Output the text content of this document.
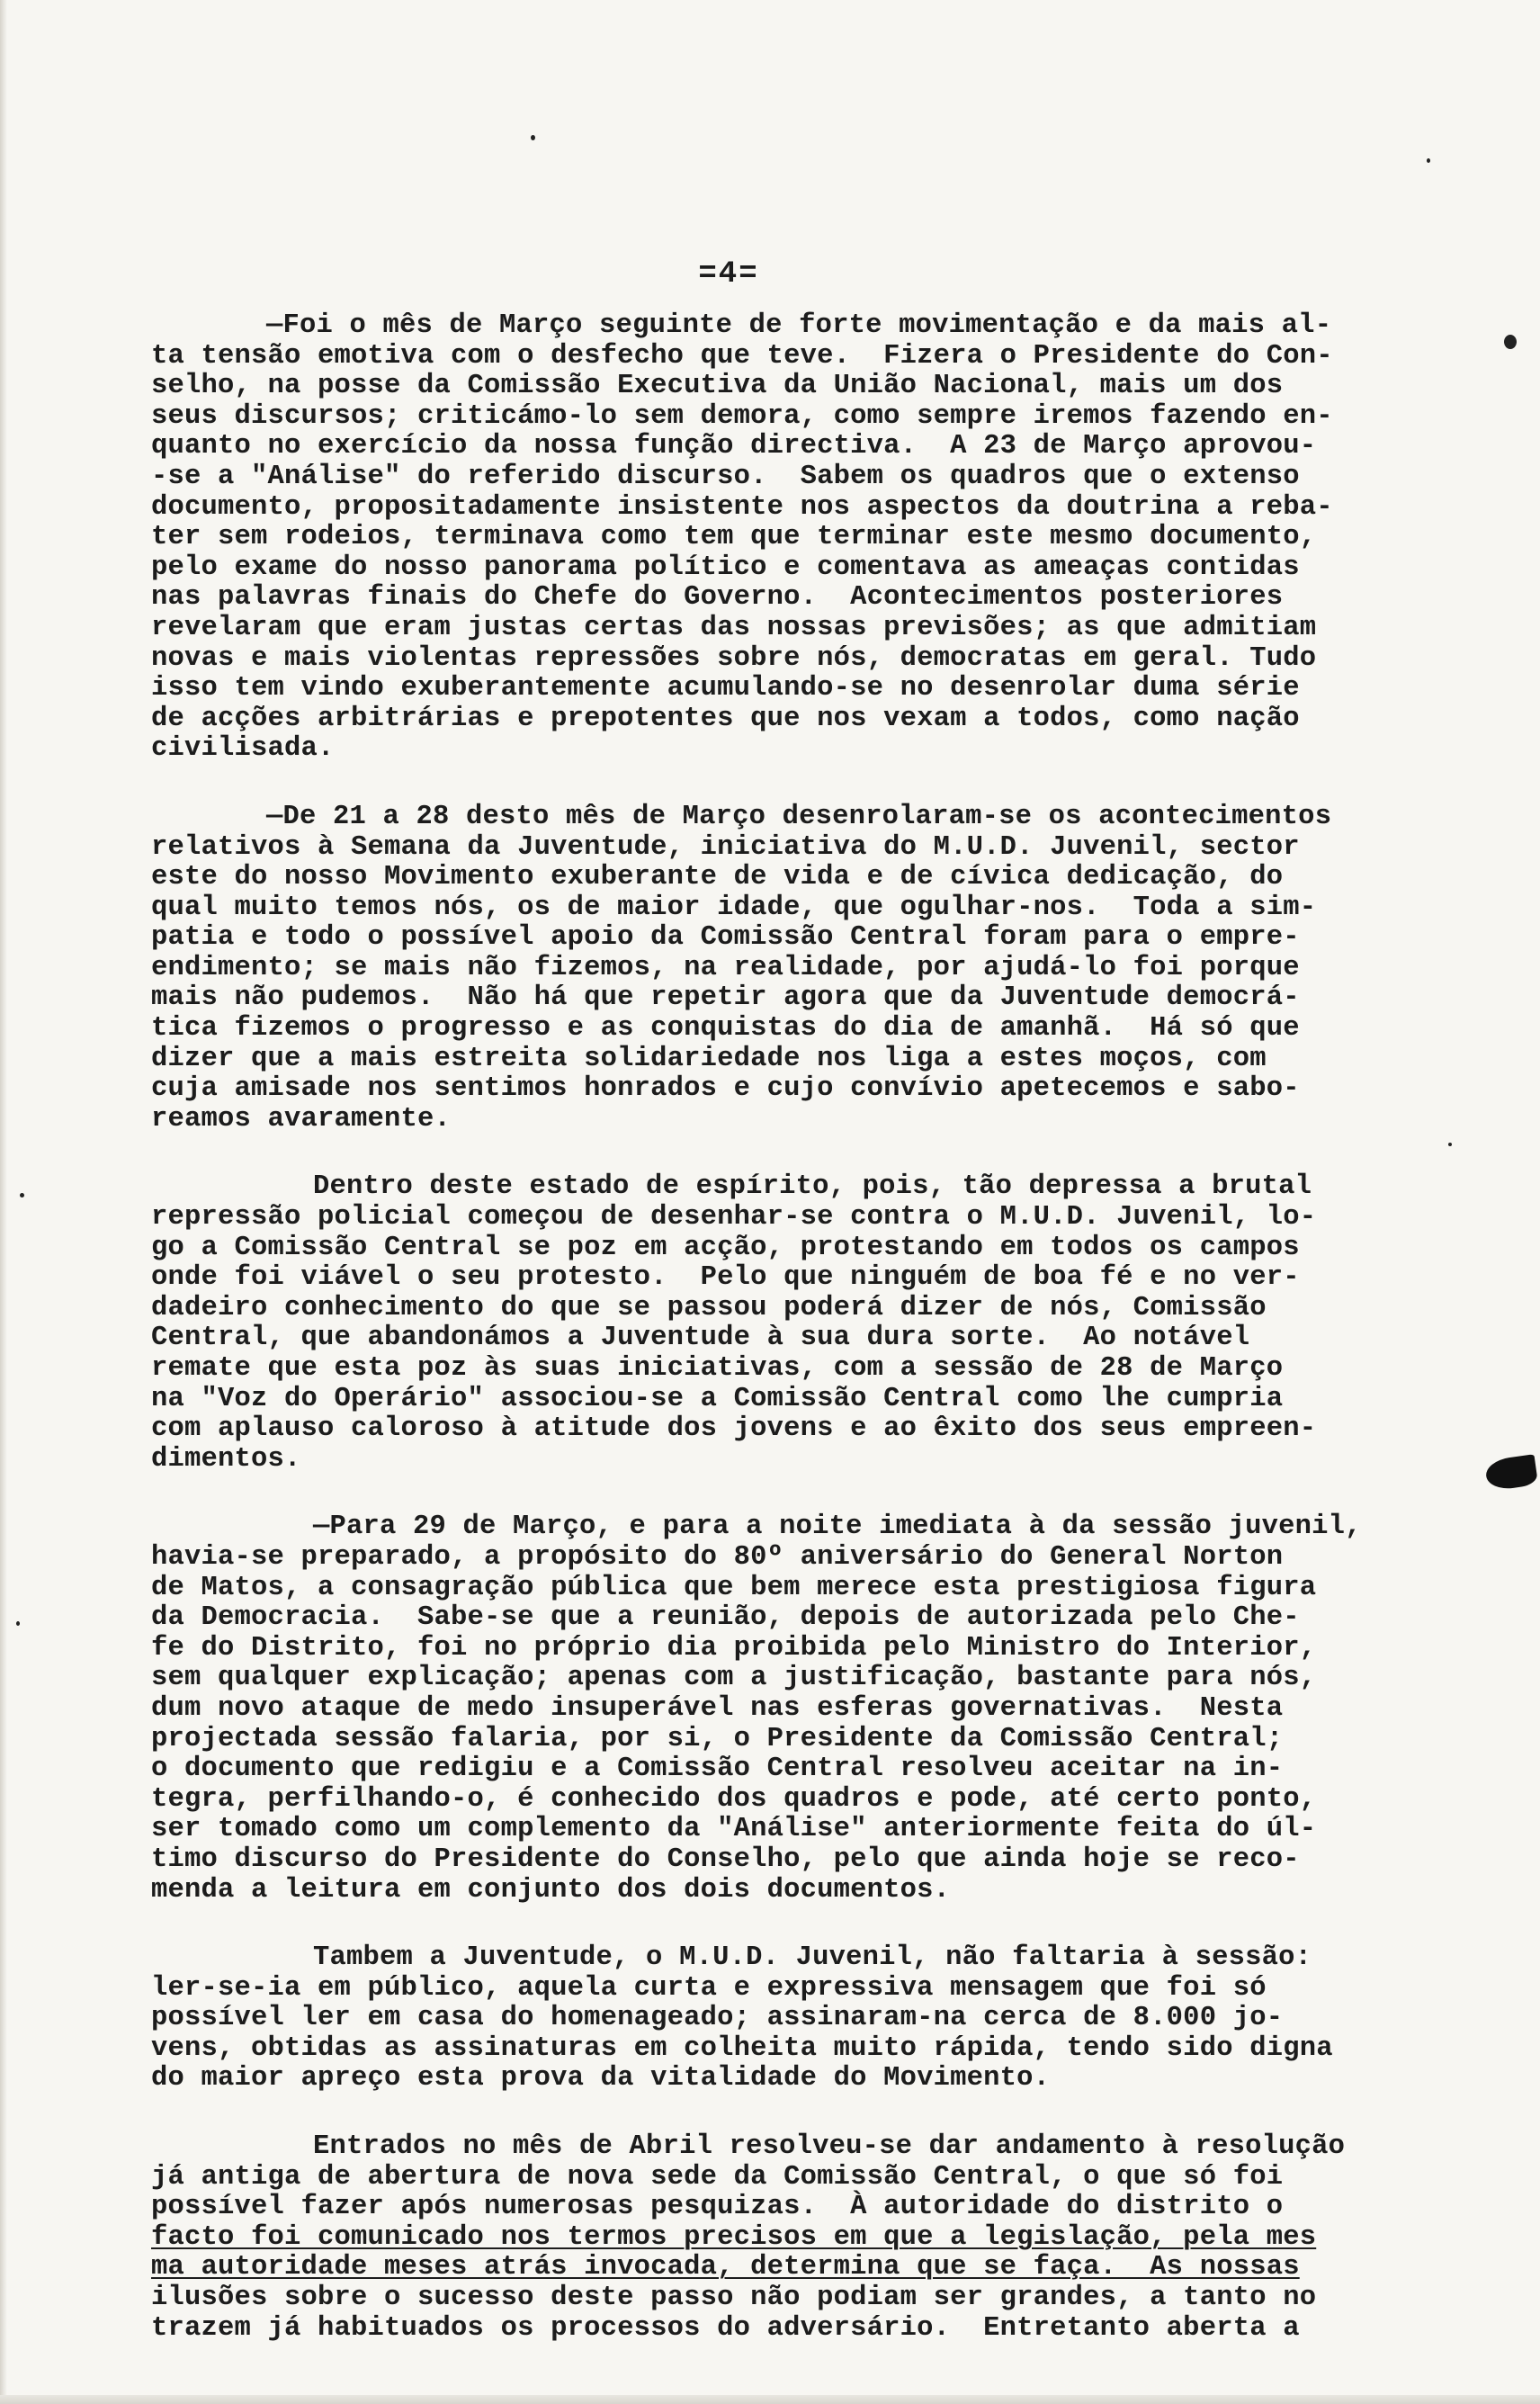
=4=
—Foi o mês de Março seguinte de forte movimentação e da mais al-
ta tensão emotiva com o desfecho que teve.  Fizera o Presidente do Con-
selho, na posse da Comissão Executiva da União Nacional, mais um dos
seus discursos; criticámo-lo sem demora, como sempre iremos fazendo en-
quanto no exercício da nossa função directiva.  A 23 de Março aprovou-
-se a "Análise" do referido discurso.  Sabem os quadros que o extenso
documento, propositadamente insistente nos aspectos da doutrina a reba-
ter sem rodeios, terminava como tem que terminar este mesmo documento,
pelo exame do nosso panorama político e comentava as ameaças contidas
nas palavras finais do Chefe do Governo.  Acontecimentos posteriores
revelaram que eram justas certas das nossas previsões; as que admitiam
novas e mais violentas repressões sobre nós, democratas em geral. Tudo
isso tem vindo exuberantemente acumulando-se no desenrolar duma série
de acções arbitrárias e prepotentes que nos vexam a todos, como nação
civilisada.
—De 21 a 28 desto mês de Março desenrolaram-se os acontecimentos
relativos à Semana da Juventude, iniciativa do M.U.D. Juvenil, sector
este do nosso Movimento exuberante de vida e de cívica dedicação, do
qual muito temos nós, os de maior idade, que ogulhar-nos.  Toda a sim-
patia e todo o possível apoio da Comissão Central foram para o empre-
endimento; se mais não fizemos, na realidade, por ajudá-lo foi porque
mais não pudemos.  Não há que repetir agora que da Juventude democrá-
tica fizemos o progresso e as conquistas do dia de amanhã.  Há só que
dizer que a mais estreita solidariedade nos liga a estes moços, com
cuja amisade nos sentimos honrados e cujo convívio apetecemos e sabo-
reamos avaramente.
Dentro deste estado de espírito, pois, tão depressa a brutal
repressão policial começou de desenhar-se contra o M.U.D. Juvenil, lo-
go a Comissão Central se poz em acção, protestando em todos os campos
onde foi viável o seu protesto.  Pelo que ninguém de boa fé e no ver-
dadeiro conhecimento do que se passou poderá dizer de nós, Comissão
Central, que abandonámos a Juventude à sua dura sorte.  Ao notável
remate que esta poz às suas iniciativas, com a sessão de 28 de Março
na "Voz do Operário" associou-se a Comissão Central como lhe cumpria
com aplauso caloroso à atitude dos jovens e ao êxito dos seus empreen-
dimentos.
—Para 29 de Março, e para a noite imediata à da sessão juvenil,
havia-se preparado, a propósito do 80º aniversário do General Norton
de Matos, a consagração pública que bem merece esta prestigiosa figura
da Democracia.  Sabe-se que a reunião, depois de autorizada pelo Che-
fe do Distrito, foi no próprio dia proibida pelo Ministro do Interior,
sem qualquer explicação; apenas com a justificação, bastante para nós,
dum novo ataque de medo insuperável nas esferas governativas.  Nesta
projectada sessão falaria, por si, o Presidente da Comissão Central;
o documento que redigiu e a Comissão Central resolveu aceitar na in-
tegra, perfilhando-o, é conhecido dos quadros e pode, até certo ponto,
ser tomado como um complemento da "Análise" anteriormente feita do úl-
timo discurso do Presidente do Conselho, pelo que ainda hoje se reco-
menda a leitura em conjunto dos dois documentos.
Tambem a Juventude, o M.U.D. Juvenil, não faltaria à sessão:
ler-se-ia em público, aquela curta e expressiva mensagem que foi só
possível ler em casa do homenageado; assinaram-na cerca de 8.000 jo-
vens, obtidas as assinaturas em colheita muito rápida, tendo sido digna
do maior apreço esta prova da vitalidade do Movimento.
Entrados no mês de Abril resolveu-se dar andamento à resolução
já antiga de abertura de nova sede da Comissão Central, o que só foi
possível fazer após numerosas pesquizas.  À autoridade do distrito o
facto foi comunicado nos termos precisos em que a legislação, pela mes
ma autoridade meses atrás invocada, determina que se faça.  As nossas
ilusões sobre o sucesso deste passo não podiam ser grandes, a tanto no
trazem já habituados os processos do adversário.  Entretanto aberta a
